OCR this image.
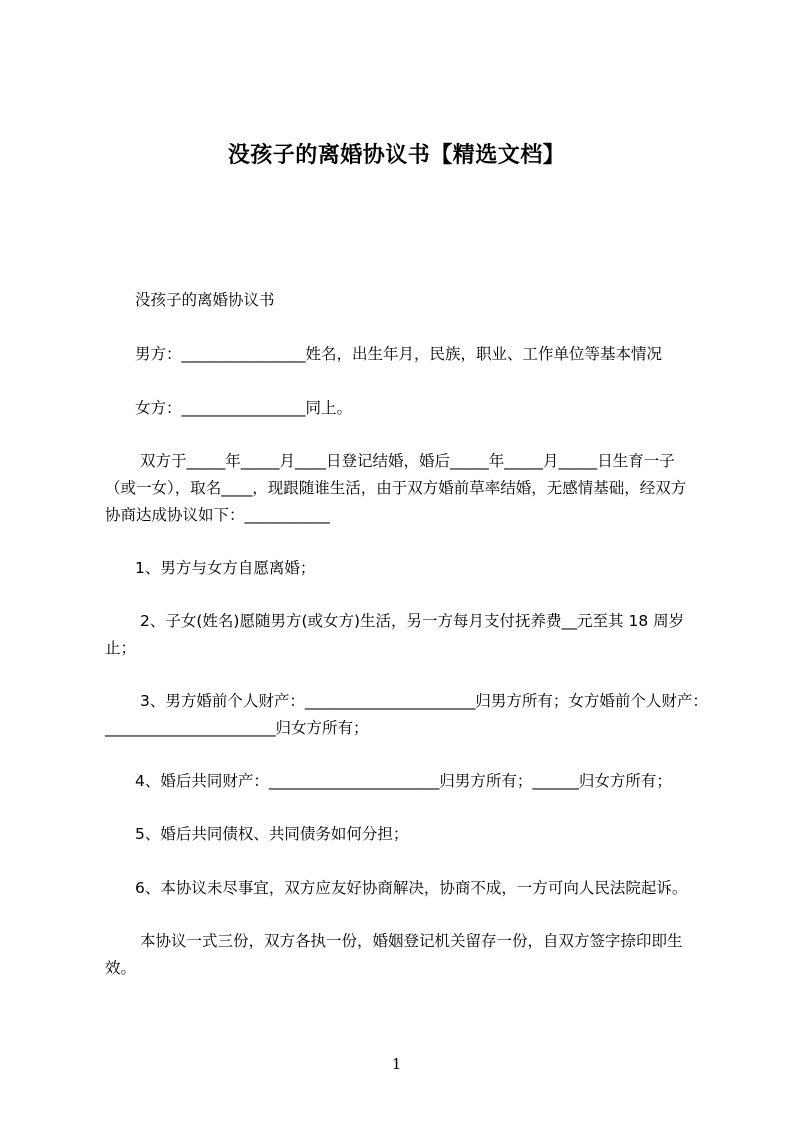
没孩子的离婚协议书【精选文档】
没孩子的离婚协议书
男方：________________姓名，出生年月，民族，职业、工作单位等基本情况
女方：________________同上。
双方于_____年_____月____日登记结婚，婚后_____年_____月_____日生育一子
（或一女），取名____，现跟随谁生活，由于双方婚前草率结婚，无感情基础，经双方
协商达成协议如下：___________
1、男方与女方自愿离婚；
2、子女(姓名)愿随男方(或女方)生活，另一方每月支付抚养费__元至其 18 周岁
止；
3、男方婚前个人财产：______________________归男方所有；女方婚前个人财产：
______________________归女方所有；
4、婚后共同财产：______________________归男方所有；______归女方所有；
5、婚后共同债权、共同债务如何分担；
6、本协议未尽事宜，双方应友好协商解决，协商不成，一方可向人民法院起诉。
本协议一式三份，双方各执一份，婚姻登记机关留存一份，自双方签字捺印即生
效。
1
